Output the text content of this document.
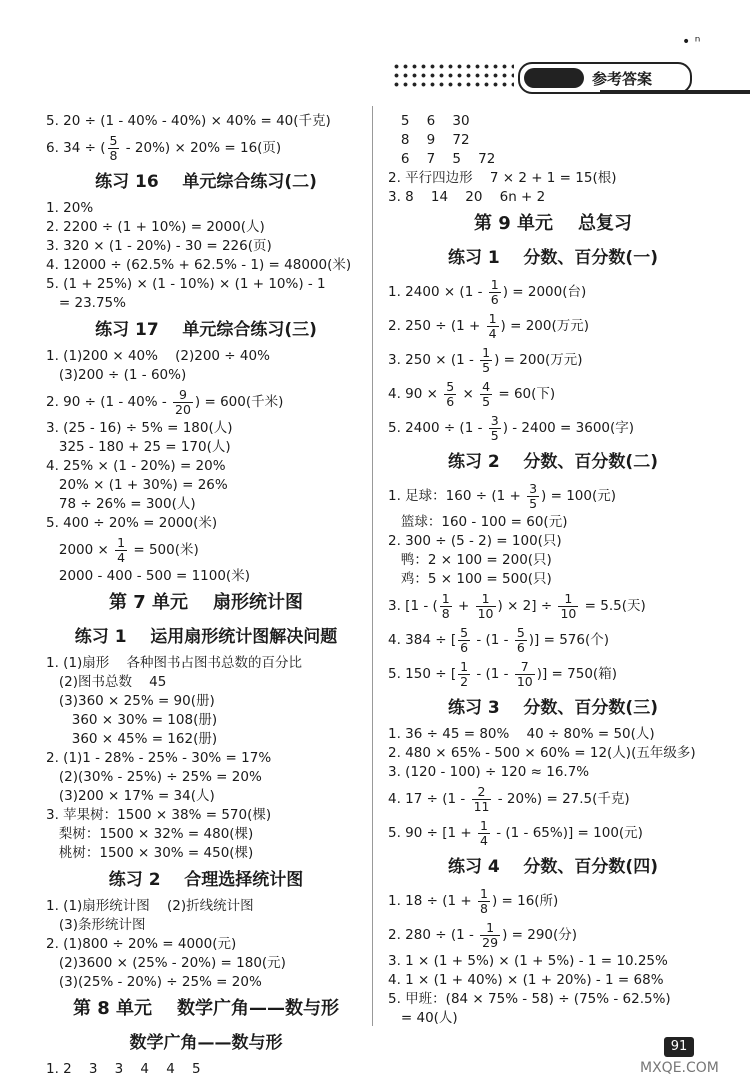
• ⁿ
参考答案
5. 20 ÷ (1 - 40% - 40%) × 40% = 40(千克)
6. 34 ÷ ( $\frac{5}{8} - 20\%) \times 20\% = 16$(页)
练习 16    单元综合练习(二)
1. 20%
2. 2200 ÷ (1 + 10%) = 2000(人)
3. 320 × (1 - 20%) - 30 = 226(页)
4. 12000 ÷ (62.5% + 62.5% - 1) = 48000(米)
5. (1 + 25%) × (1 - 10%) × (1 + 10%) - 1
= 23.75%
练习 17    单元综合练习(三)
1. (1)200 × 40%    (2)200 ÷ 40%
(3)200 ÷ (1 - 60%)
2. $90 \div (1 - 40\% - \frac{9}{20}$ ) = 600(千米)
3. (25 - 16) ÷ 5% = 180(人)
325 - 180 + 25 = 170(人)
4. 25% × (1 - 20%) = 20%
20% × (1 + 30%) = 26%
78 ÷ 26% = 300(人)
5. 400 ÷ 20% = 2000(米)
$2000 \times \frac{1}{4} = 500$(米)
2000 - 400 - 500 = 1100(米)
第 7 单元    扇形统计图
练习 1    运用扇形统计图解决问题
1. (1)扇形    各种图书占图书总数的百分比
(2)图书总数    45
(3)360 × 25% = 90(册)
360 × 30% = 108(册)
360 × 45% = 162(册)
2. (1)1 - 28% - 25% - 30% = 17%
(2)(30% - 25%) ÷ 25% = 20%
(3)200 × 17% = 34(人)
3. 苹果树：1500 × 38% = 570(棵)
梨树：1500 × 32% = 480(棵)
桃树：1500 × 30% = 450(棵)
练习 2    合理选择统计图
1. (1)扇形统计图    (2)折线统计图
(3)条形统计图
2. (1)800 ÷ 20% = 4000(元)
(2)3600 × (25% - 20%) = 180(元)
(3)(25% - 20%) ÷ 25% = 20%
第 8 单元    数学广角——数与形
数学广角——数与形
1. 2    3    3    4    4    5
5    6    30
8    9    72
6    7    5    72
2. 平行四边形    7 × 2 + 1 = 15(根)
3. 8    14    20    6n + 2
第 9 单元    总复习
练习 1    分数、百分数(一)
1. $2400 \times (1 - \frac{1}{6}$ ) = 2000(台)
2. $250 \div (1 + \frac{1}{4}$ ) = 200(万元)
3. $250 \times (1 - \frac{1}{5}$ ) = 200(万元)
4. $90 \times \frac{5}{6} \times \frac{4}{5} = 60$(下)
5. $2400 \div (1 - \frac{3}{5}$ ) - 2400 = 3600(字)
练习 2    分数、百分数(二)
1. 足球：$160 \div (1 + \frac{3}{5}$ ) = 100(元)
篮球：160 - 100 = 60(元)
2. 300 ÷ (5 - 2) = 100(只)
鸭：2 × 100 = 200(只)
鸡：5 × 100 = 500(只)
3. [1 - ( $\frac{1}{8} + \frac{1}{10}$ ) × $2] \div \frac{1}{10} = 5.5$(天)
4. 384 ÷ [ $\frac{5}{6} - (1 - \frac{5}{6}$ )] = 576(个)
5. 150 ÷ [ $\frac{1}{2} - (1 - \frac{7}{10}$ )] = 750(箱)
练习 3    分数、百分数(三)
1. 36 ÷ 45 = 80%    40 ÷ 80% = 50(人)
2. 480 × 65% - 500 × 60% = 12(人)(五年级多)
3. (120 - 100) ÷ 120 ≈ 16.7%
4. $17 \div (1 - \frac{2}{11} - 20\%) = 27.5$(千克)
5. $90 \div [1 + \frac{1}{4} - (1 - 65\%)] = 100$(元)
练习 4    分数、百分数(四)
1. $18 \div (1 + \frac{1}{8}$ ) = 16(所)
2. $280 \div (1 - \frac{1}{29}$ ) = 290(分)
3. 1 × (1 + 5%) × (1 + 5%) - 1 = 10.25%
4. 1 × (1 + 40%) × (1 + 20%) - 1 = 68%
5. 甲班：(84 × 75% - 58) ÷ (75% - 62.5%)
= 40(人)
91
MXQE.COM
